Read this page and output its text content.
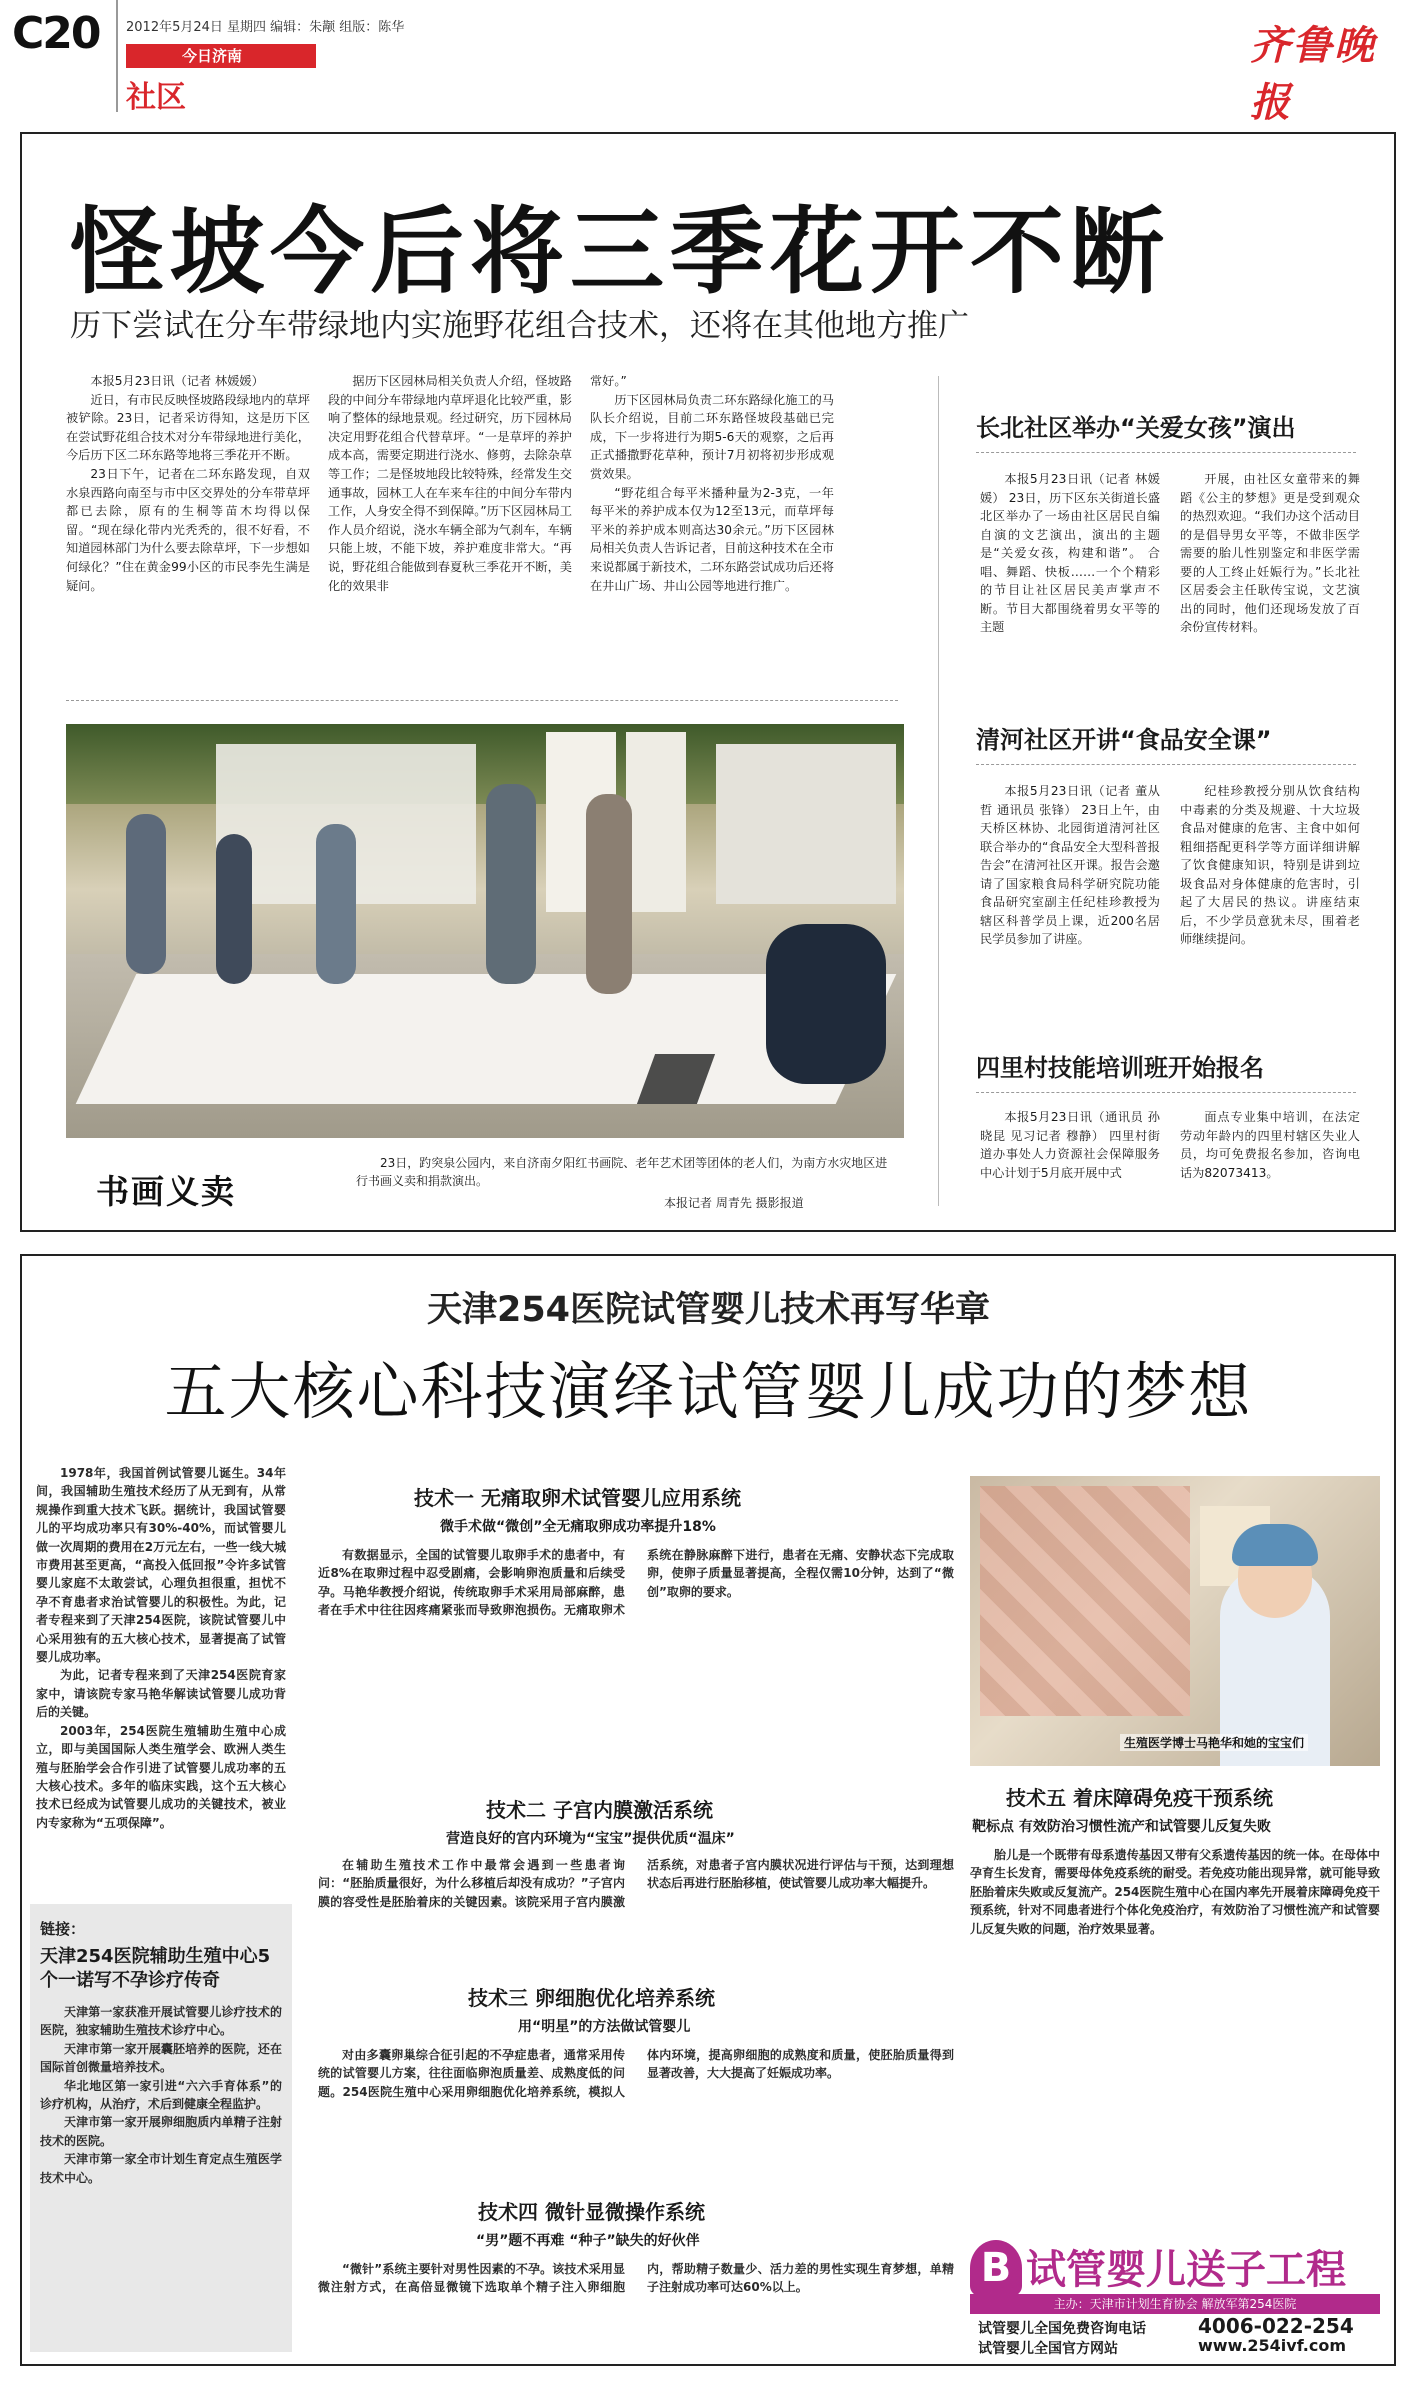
C20 2012年5月24日 星期四 编辑：朱颟 组版：陈华
今日济南
社区
齐鲁晚报
怪坡今后将三季花开不断
历下尝试在分车带绿地内实施野花组合技术，还将在其他地方推广

本报5月23日讯（记者 林媛媛）

近日，有市民反映怪坡路段绿地内的草坪被铲除。23日，记者采访得知，这是历下区在尝试野花组合技术对分车带绿地进行美化，今后历下区二环东路等地将三季花开不断。

23日下午，记者在二环东路发现，自双水泉西路向南至与市中区交界处的分车带草坪都已去除，原有的生桐等苗木均得以保留。“现在绿化带内光秃秃的，很不好看，不知道园林部门为什么要去除草坪，下一步想如何绿化？”住在黄金99小区的市民李先生满是疑问。

据历下区园林局相关负责人介绍，怪坡路段的中间分车带绿地内草坪退化比较严重，影响了整体的绿地景观。经过研究，历下园林局决定用野花组合代替草坪。“一是草坪的养护成本高，需要定期进行浇水、修剪，去除杂草等工作；二是怪坡地段比较特殊，经常发生交通事故，园林工人在车来车往的中间分车带内工作，人身安全得不到保障。”历下区园林局工作人员介绍说，浇水车辆全部为气刹车，车辆只能上坡，不能下坡，养护难度非常大。“再说，野花组合能做到春夏秋三季花开不断，美化的效果非

常好。”

历下区园林局负责二环东路绿化施工的马队长介绍说，目前二环东路怪坡段基础已完成，下一步将进行为期5-6天的观察，之后再正式播撒野花草种，预计7月初将初步形成观赏效果。

“野花组合每平米播种量为2-3克，一年每平米的养护成本仅为12至13元，而草坪每平米的养护成本则高达30余元。”历下区园林局相关负责人告诉记者，目前这种技术在全市来说都属于新技术，二环东路尝试成功后还将在井山广场、井山公园等地进行推广。

书画义卖
23日，趵突泉公园内，来自济南夕阳红书画院、老年艺术团等团体的老人们，为南方水灾地区进行书画义卖和捐款演出。
本报记者 周青先 摄影报道
长北社区举办“关爱女孩”演出

本报5月23日讯（记者 林媛媛） 23日，历下区东关街道长盛北区举办了一场由社区居民自编自演的文艺演出，演出的主题是“关爱女孩，构建和谐”。 合唱、舞蹈、快板……一个个精彩的节目让社区居民美声掌声不断。节目大都围绕着男女平等的主题

开展，由社区女童带来的舞蹈《公主的梦想》更是受到观众的热烈欢迎。“我们办这个活动目的是倡导男女平等，不做非医学需要的胎儿性别鉴定和非医学需要的人工终止妊娠行为。”长北社区居委会主任耿传宝说，文艺演出的同时，他们还现场发放了百余份宣传材料。

清河社区开讲“食品安全课”

本报5月23日讯（记者 董从哲 通讯员 张锋） 23日上午，由天桥区林协、北园街道清河社区联合举办的“食品安全大型科普报告会”在清河社区开课。报告会邀请了国家粮食局科学研究院功能食品研究室副主任纪桂珍教授为辖区科普学员上课，近200名居民学员参加了讲座。

纪桂珍教授分别从饮食结构中毒素的分类及规避、十大垃圾食品对健康的危害、主食中如何粗细搭配更科学等方面详细讲解了饮食健康知识，特别是讲到垃圾食品对身体健康的危害时，引起了大居民的热议。讲座结束后，不少学员意犹未尽，围着老师继续提问。

四里村技能培训班开始报名

本报5月23日讯（通讯员 孙晓昆 见习记者 穆静） 四里村街道办事处人力资源社会保障服务中心计划于5月底开展中式

面点专业集中培训，在法定劳动年龄内的四里村辖区失业人员，均可免费报名参加，咨询电话为82073413。

天津254医院试管婴儿技术再写华章
五大核心科技演绎试管婴儿成功的梦想

1978年，我国首例试管婴儿诞生。34年间，我国辅助生殖技术经历了从无到有，从常规操作到重大技术飞跃。据统计，我国试管婴儿的平均成功率只有30%-40%，而试管婴儿做一次周期的费用在2万元左右，一些一线大城市费用甚至更高，“高投入低回报”令许多试管婴儿家庭不太敢尝试，心理负担很重，担忧不孕不育患者求治试管婴儿的积极性。为此，记者专程来到了天津254医院，该院试管婴儿中心采用独有的五大核心技术，显著提高了试管婴儿成功率。

为此，记者专程来到了天津254医院育家家中，请该院专家马艳华解读试管婴儿成功背后的关键。

2003年，254医院生殖辅助生殖中心成立，即与美国国际人类生殖学会、欧洲人类生殖与胚胎学会合作引进了试管婴儿成功率的五大核心技术。多年的临床实践，这个五大核心技术已经成为试管婴儿成功的关键技术，被业内专家称为“五项保障”。

链接：
天津254医院辅助生殖中心5个一诺写不孕诊疗传奇

天津第一家获准开展试管婴儿诊疗技术的医院，独家辅助生殖技术诊疗中心。

天津市第一家开展囊胚培养的医院，还在国际首创微量培养技术。

华北地区第一家引进“六六手育体系”的诊疗机构，从治疗，术后到健康全程监护。

天津市第一家开展卵细胞质内单精子注射技术的医院。

天津市第一家全市计划生育定点生殖医学技术中心。

技术一 无痛取卵术试管婴儿应用系统
微手术做“微创”全无痛取卵成功率提升18%

有数据显示，全国的试管婴儿取卵手术的患者中，有近8%在取卵过程中忍受剧痛，会影响卵泡质量和后续受孕。马艳华教授介绍说，传统取卵手术采用局部麻醉，患者在手术中往往因疼痛紧张而导致卵泡损伤。无痛取卵术系统在静脉麻醉下进行，患者在无痛、安静状态下完成取卵，使卵子质量显著提高，全程仅需10分钟，达到了“微创”取卵的要求。

技术二 子宫内膜激活系统
营造良好的宫内环境为“宝宝”提供优质“温床”

在辅助生殖技术工作中最常会遇到一些患者询问：“胚胎质量很好，为什么移植后却没有成功？”子宫内膜的容受性是胚胎着床的关键因素。该院采用子宫内膜激活系统，对患者子宫内膜状况进行评估与干预，达到理想状态后再进行胚胎移植，使试管婴儿成功率大幅提升。

技术三 卵细胞优化培养系统
用“明星”的方法做试管婴儿

对由多囊卵巢综合征引起的不孕症患者，通常采用传统的试管婴儿方案，往往面临卵泡质量差、成熟度低的问题。254医院生殖中心采用卵细胞优化培养系统，模拟人体内环境，提高卵细胞的成熟度和质量，使胚胎质量得到显著改善，大大提高了妊娠成功率。

技术四 微针显微操作系统
“男”题不再难 “种子”缺失的好伙伴

“微针”系统主要针对男性因素的不孕。该技术采用显微注射方式，在高倍显微镜下选取单个精子注入卵细胞内，帮助精子数量少、活力差的男性实现生育梦想，单精子注射成功率可达60%以上。

生殖医学博士马艳华和她的宝宝们
技术五 着床障碍免疫干预系统
靶标点 有效防治习惯性流产和试管婴儿反复失败

胎儿是一个既带有母系遗传基因又带有父系遗传基因的统一体。在母体中孕育生长发育，需要母体免疫系统的耐受。若免疫功能出现异常，就可能导致胚胎着床失败或反复流产。254医院生殖中心在国内率先开展着床障碍免疫干预系统，针对不同患者进行个体化免疫治疗，有效防治了习惯性流产和试管婴儿反复失败的问题，治疗效果显著。

B 试管婴儿送子工程
主办：天津市计划生育协会 解放军第254医院
试管婴儿全国免费咨询电话	4006-022-254
试管婴儿全国官方网站	www.254ivf.com
